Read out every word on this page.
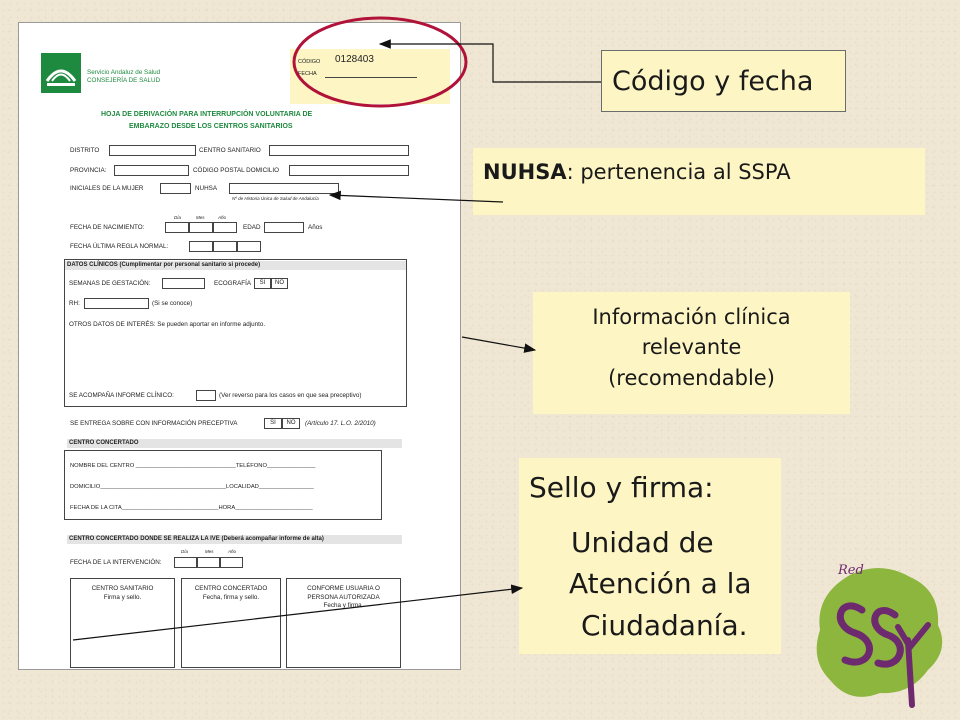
Servicio Andaluz de Salud
CONSEJERÍA DE SALUD
CÓDIGO 0128403
FECHA
HOJA DE DERIVACIÓN PARA INTERRUPCIÓN VOLUNTARIA DE
EMBARAZO DESDE LOS CENTROS SANITARIOS
DISTRITO	CENTRO SANITARIO
PROVINCIA:	CÓDIGO POSTAL DOMICILIO
INICIALES DE LA MUJER	NUHSA
Nº de Historia Única de Salud de Andalucía
Día	Mes	Año
FECHA DE NACIMIENTO:	EDAD	Años
FECHA ÚLTIMA REGLA NORMAL:
DATOS CLÍNICOS (Cumplimentar por personal sanitario si procede)
SEMANAS DE GESTACIÓN:	ECOGRAFÍA	SI	NO
RH:	(Si se conoce)
OTROS DATOS DE INTERÉS: Se pueden aportar en informe adjunto.
SE ACOMPAÑA INFORME CLÍNICO:	(Ver reverso para los casos en que sea preceptivo)
SE ENTREGA SOBRE CON INFORMACIÓN PRECEPTIVA	SI	NO	(Artículo 17. L.O. 2/2010)
CENTRO CONCERTADO
NOMBRE DEL CENTRO _______________________________TELÉFONO_______________
DOMICILIO_______________________________________LOCALIDAD_________________
FECHA DE LA CITA______________________________HORA________________________
CENTRO CONCERTADO DONDE SE REALIZA LA IVE (Deberá acompañar informe de alta)
Día	Mes	Año
FECHA DE LA INTERVENCIÓN:
CENTRO SANITARIO
Firma y sello.
CENTRO CONCERTADO
Fecha, firma y sello.
CONFORME USUARIA O
PERSONA AUTORIZADA
Fecha y firma.
Código y fecha
NUHSA: pertenencia al SSPA
Información clínica
relevante
(recomendable)
Sello y firma:
Unidad de
Atención a la
Ciudadanía.
Red
